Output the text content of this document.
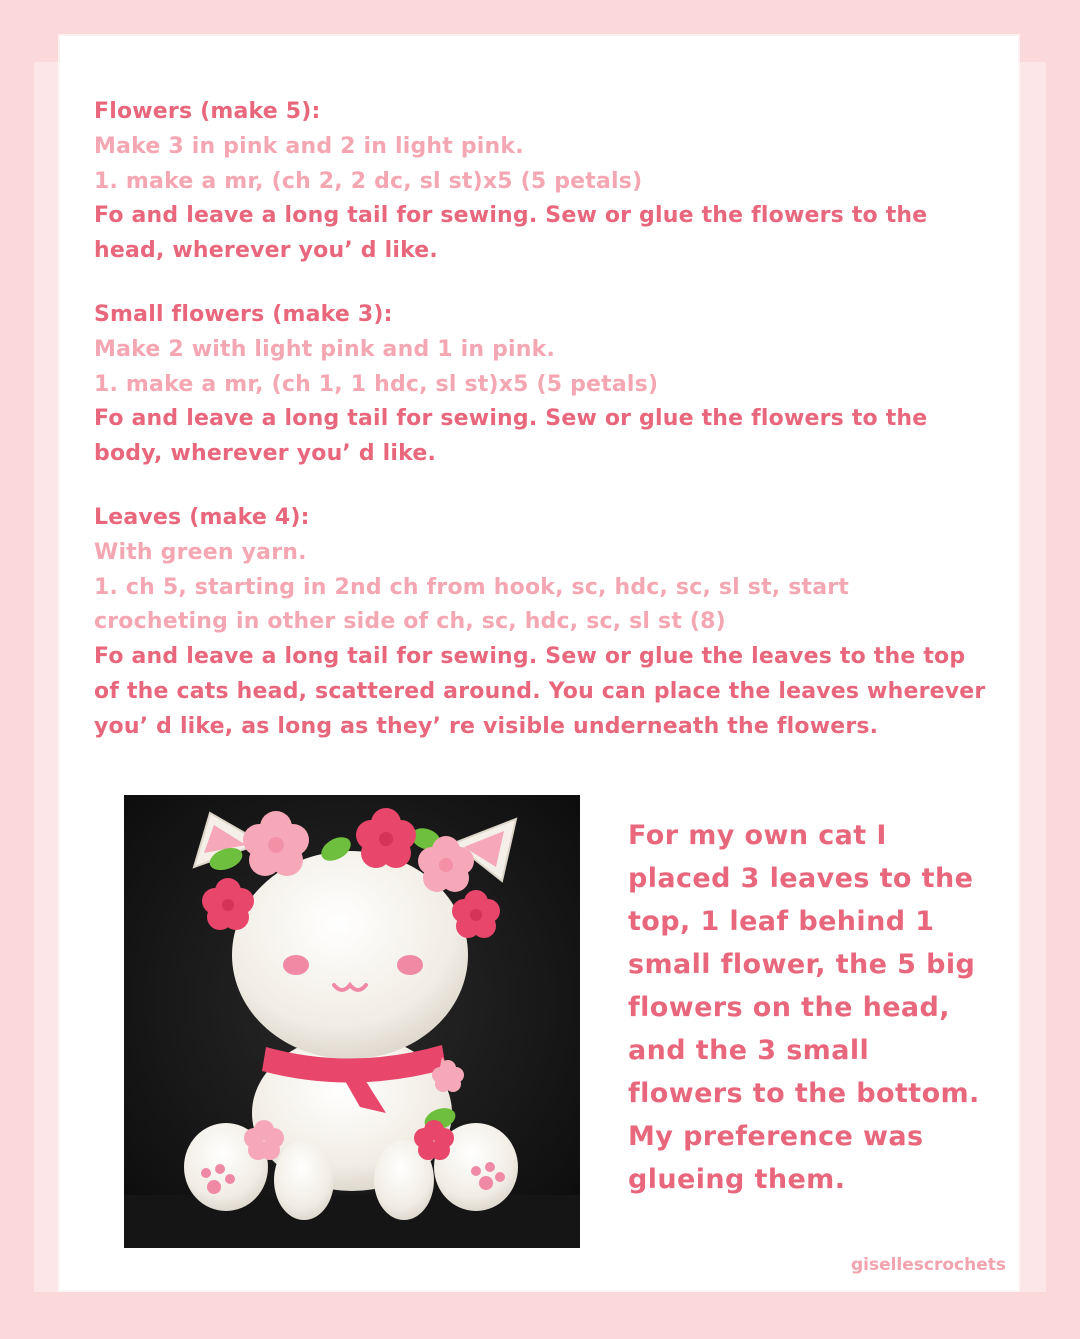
Flowers (make 5):
Make 3 in pink and 2 in light pink.
1. make a mr, (ch 2, 2 dc, sl st)x5 (5 petals)
Fo and leave a long tail for sewing. Sew or glue the flowers to the
head, wherever you’ d like.
Small flowers (make 3):
Make 2 with light pink and 1 in pink.
1. make a mr, (ch 1, 1 hdc, sl st)x5 (5 petals)
Fo and leave a long tail for sewing. Sew or glue the flowers to the
body, wherever you’ d like.
Leaves (make 4):
With green yarn.
1. ch 5, starting in 2nd ch from hook, sc, hdc, sc, sl st, start
crocheting in other side of ch, sc, hdc, sc, sl st (8)
Fo and leave a long tail for sewing. Sew or glue the leaves to the top
of the cats head, scattered around. You can place the leaves wherever
you’ d like, as long as they’ re visible underneath the flowers.
For my own cat I
placed 3 leaves to the
top, 1 leaf behind 1
small flower, the 5 big
flowers on the head,
and the 3 small
flowers to the bottom.
My preference was
glueing them.
gisellescrochets
